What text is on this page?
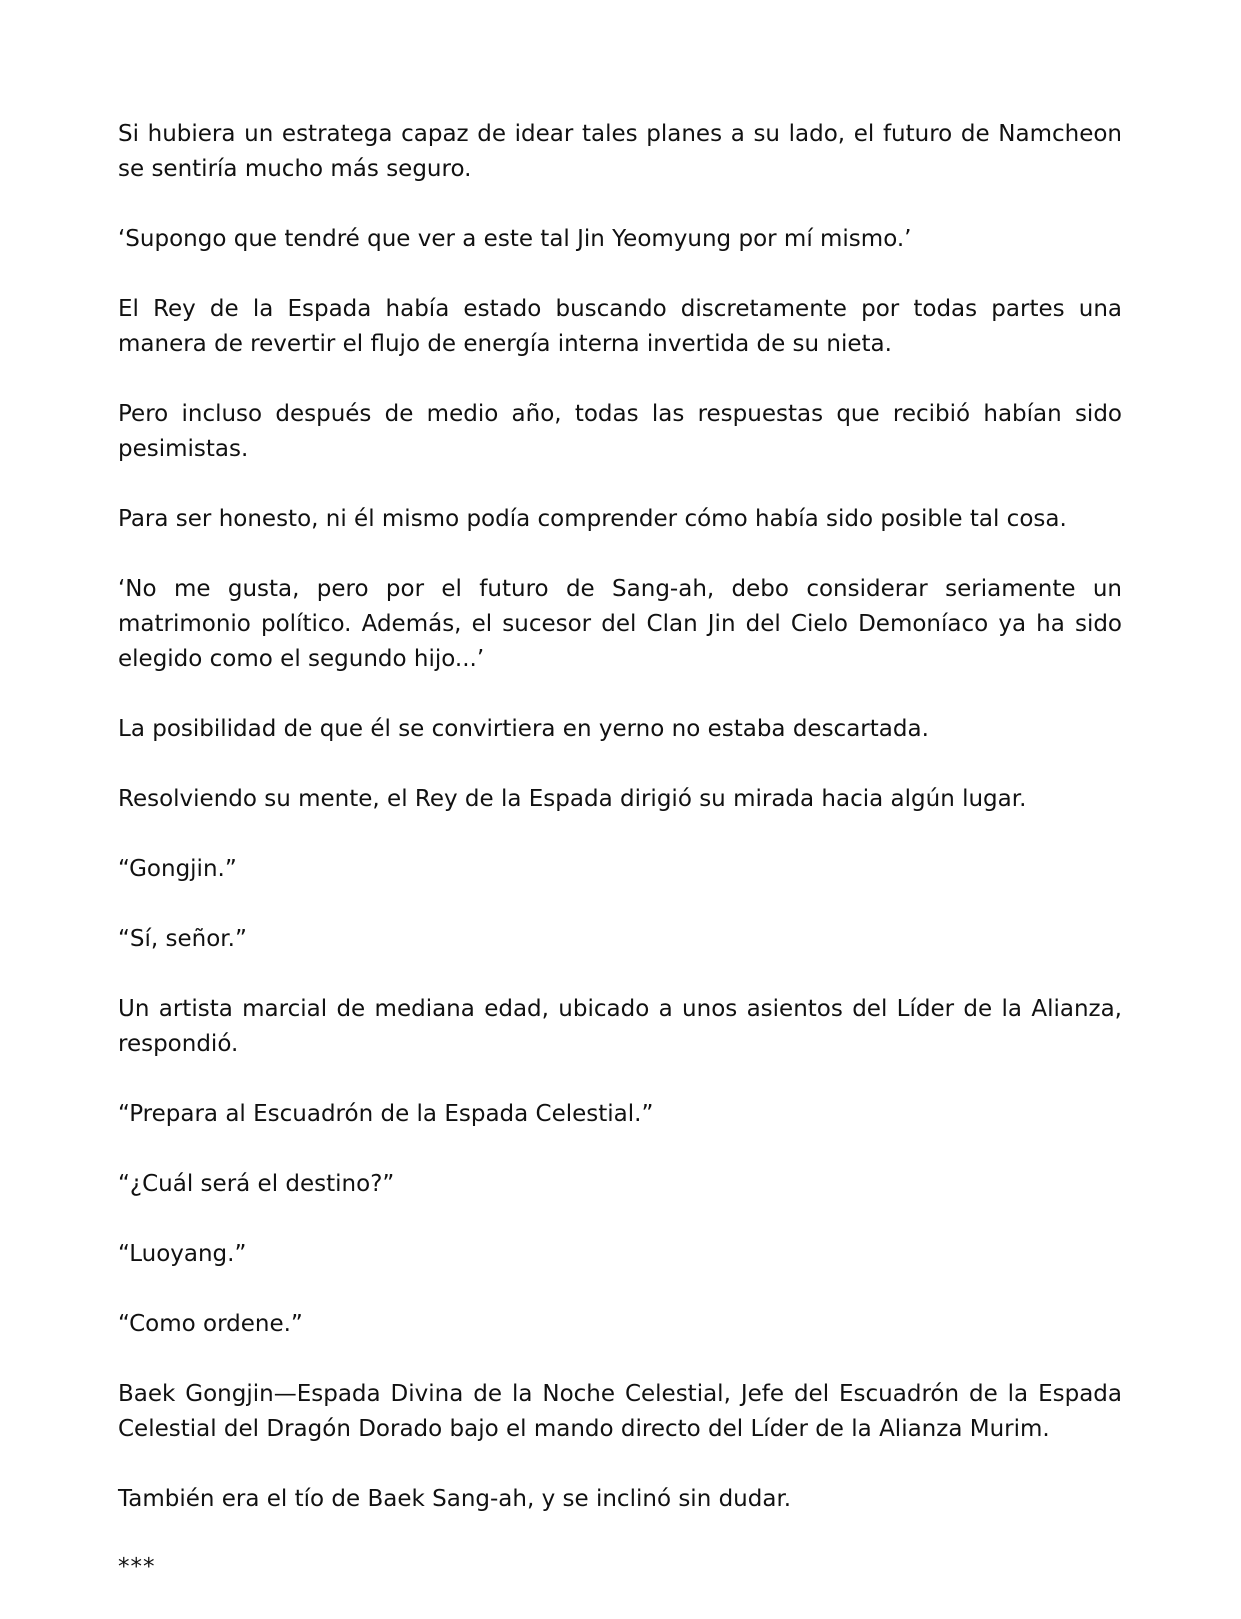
Si hubiera un estratega capaz de idear tales planes a su lado, el futuro de Namcheon se sentiría mucho más seguro.

‘Supongo que tendré que ver a este tal Jin Yeomyung por mí mismo.’

El Rey de la Espada había estado buscando discretamente por todas partes una manera de revertir el flujo de energía interna invertida de su nieta.

Pero incluso después de medio año, todas las respuestas que recibió habían sido pesimistas.

Para ser honesto, ni él mismo podía comprender cómo había sido posible tal cosa.

‘No me gusta, pero por el futuro de Sang-ah, debo considerar seriamente un matrimonio político. Además, el sucesor del Clan Jin del Cielo Demoníaco ya ha sido elegido como el segundo hijo...’

La posibilidad de que él se convirtiera en yerno no estaba descartada.

Resolviendo su mente, el Rey de la Espada dirigió su mirada hacia algún lugar.

“Gongjin.”

“Sí, señor.”

Un artista marcial de mediana edad, ubicado a unos asientos del Líder de la Alianza, respondió.

“Prepara al Escuadrón de la Espada Celestial.”

“¿Cuál será el destino?”

“Luoyang.”

“Como ordene.”

Baek Gongjin—Espada Divina de la Noche Celestial, Jefe del Escuadrón de la Espada Celestial del Dragón Dorado bajo el mando directo del Líder de la Alianza Murim.

También era el tío de Baek Sang-ah, y se inclinó sin dudar.

***
